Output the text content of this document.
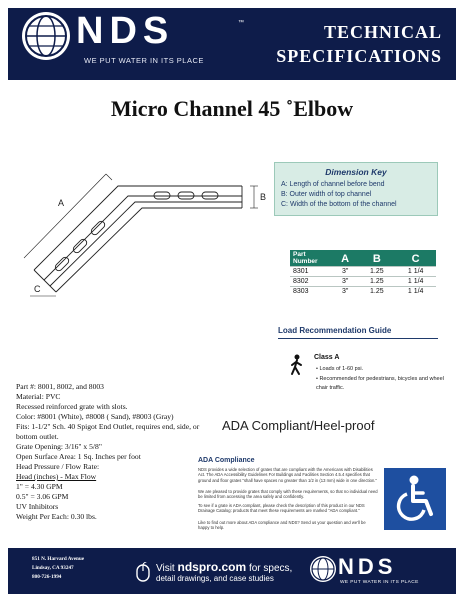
NDS	™
WE PUT WATER IN ITS PLACE
TECHNICAL
SPECIFICATIONS
Micro Channel 45 ˚Elbow
A
B
C
Dimension Key
A: Length of channel before bend
B: Outer width of top channel
C: Width of the bottom of the channel
Part Number	A	B	C
8301	3"	1.25	1 1/4
8302	3"	1.25	1 1/4
8303	3"	1.25	1 1/4
Load Recommendation Guide
Class A
• Loads of 1-60 psi.
• Recommended for pedestrians, bicycles and wheel
chair traffic.
Part #: 8001, 8002, and 8003
Material: PVC
Recessed reinforced grate with slots.
Color: #8001 (White), #8008 ( Sand), #8003 (Gray)
Fits: 1-1/2" Sch. 40 Spigot End Outlet, requires end, side, or
bottom outlet.
Grate Opening: 3/16" x 5/8"
Open Surface Area: 1 Sq. Inches per foot
Head Pressure / Flow Rate:
Head (inches) - Max Flow
1" = 4.30 GPM
0.5" = 3.06 GPM
UV Inhibitors
Weight Per Each: 0.30 lbs.
ADA Compliant/Heel-proof
ADA Compliance
NDS provides a wide selection of grates that are compliant with the Americans with Disabilities Act. The ADA Accessibility Guidelines For Buildings and Facilities Section 4.5.4 specifies that ground and floor grates "shall have spaces no greater than 1/2 in (13 mm) wide in one direction."
We are pleased to provide grates that comply with these requirements, so that no individual need be limited from accessing the area safely and confidently.
To see if a grate is ADA compliant, please check the description of this product in our NDS Drainage Catalog: products that meet these requirements are marked "ADA compliant."
Like to find out more about ADA compliance and NDS? Send us your question and we'll be happy to help.
851 N. Harvard Avenue
Lindsay, CA 93247
800-726-1994
Visit ndspro.com for specs,
detail drawings, and case studies	NDS
WE PUT WATER IN ITS PLACE
